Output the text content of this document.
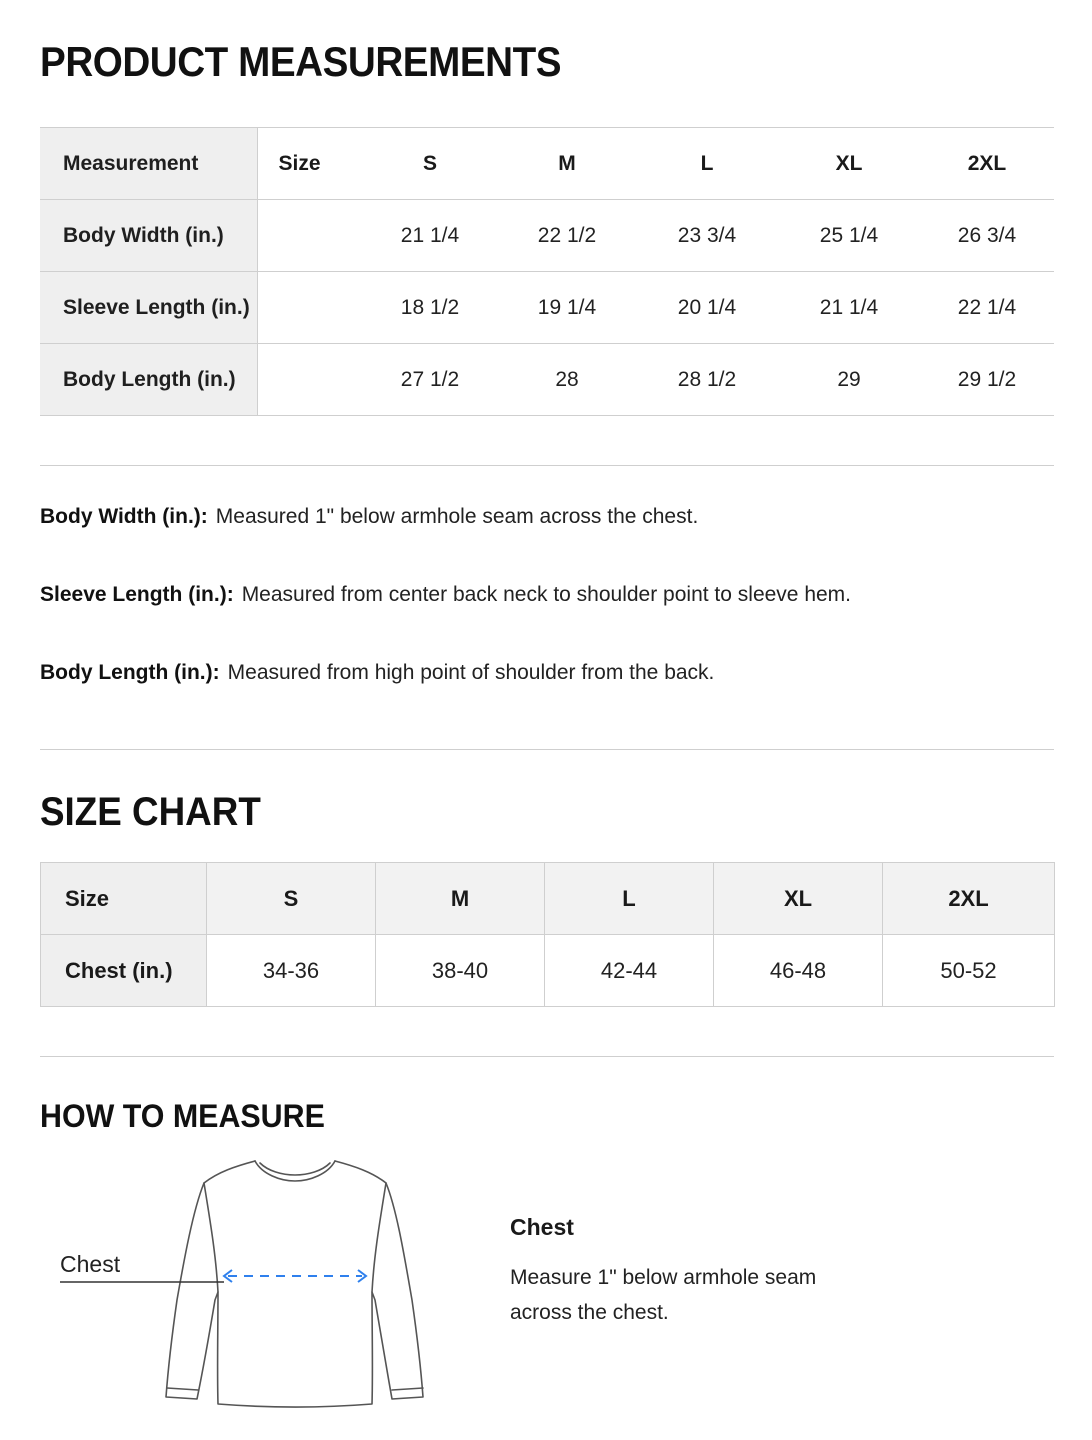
PRODUCT MEASUREMENTS
Measurement	Size	S	M	L	XL	2XL
Body Width (in.)		21 1/4	22 1/2	23 3/4	25 1/4	26 3/4
Sleeve Length (in.)		18 1/2	19 1/4	20 1/4	21 1/4	22 1/4
Body Length (in.)		27 1/2	28	28 1/2	29	29 1/2
Body Width (in.): Measured 1" below armhole seam across the chest.
Sleeve Length (in.): Measured from center back neck to shoulder point to sleeve hem.
Body Length (in.): Measured from high point of shoulder from the back.
SIZE CHART
Size	S	M	L	XL	2XL
Chest (in.)	34-36	38-40	42-44	46-48	50-52
HOW TO MEASURE
Chest
Chest

Measure 1" below armhole seam across the chest.
